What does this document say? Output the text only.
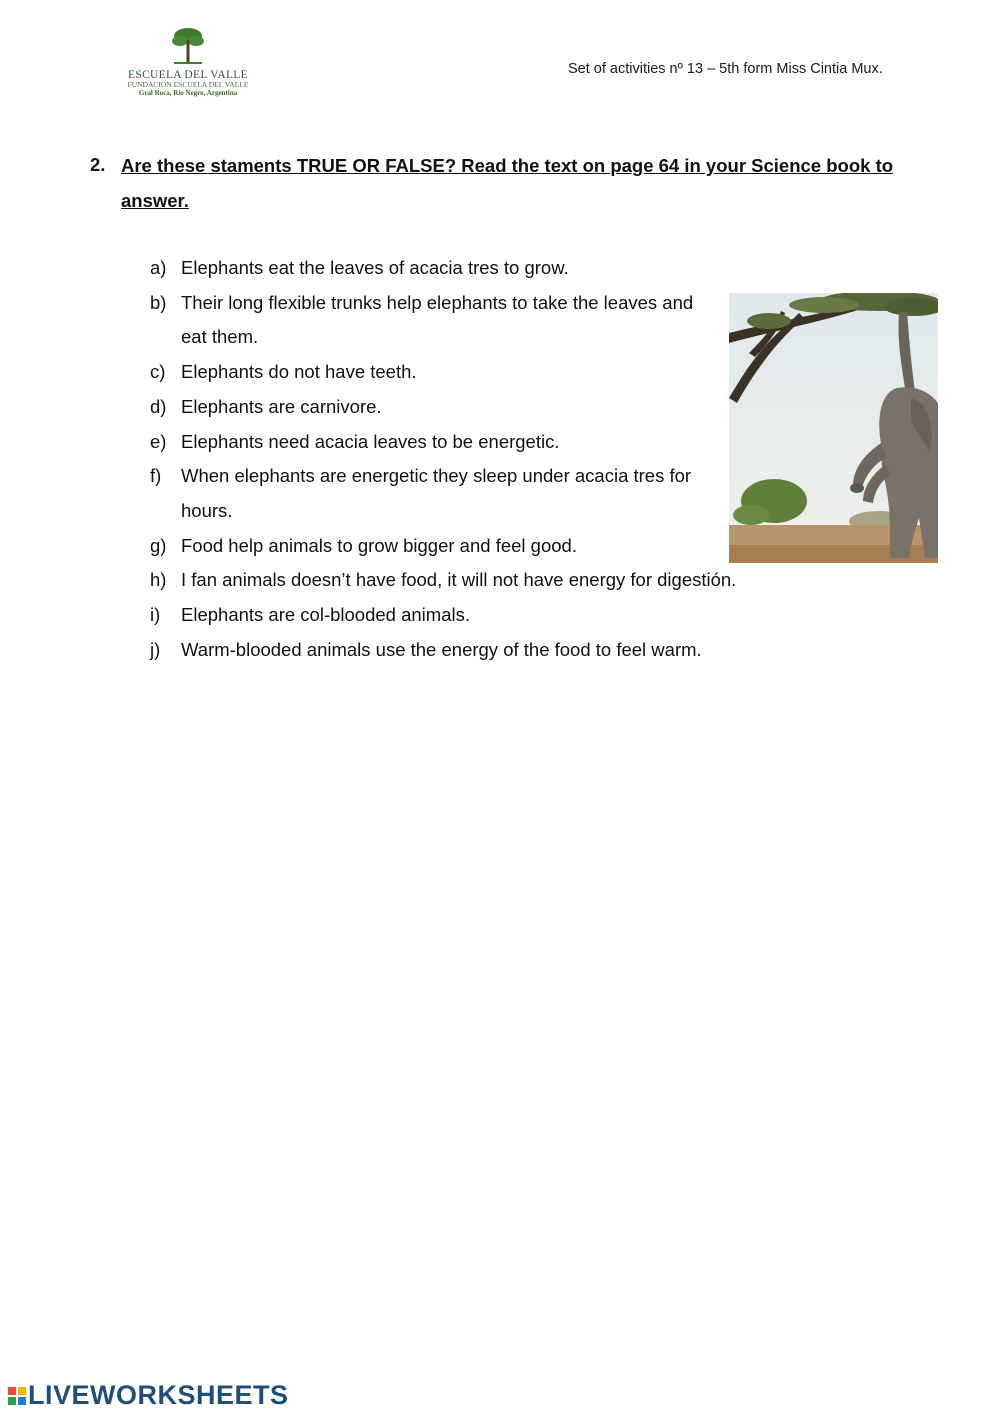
ESCUELA DEL VALLE
FUNDACION ESCUELA DEL VALLE
Gral Roca, Río Negro, Argentina
Set of activities nº 13 – 5th form Miss Cintia Mux.
2. Are these staments TRUE OR FALSE? Read the text on page 64 in your Science book to answer.
a) Elephants eat the leaves of acacia tres to grow.
b) Their long flexible trunks help elephants to take the leaves and eat them.
c) Elephants do not have teeth.
d) Elephants are carnivore.
e) Elephants need acacia leaves to be energetic.
f)	When elephants are energetic they sleep under acacia tres for hours.
g) Food help animals to grow bigger and feel good.
h) I fan animals doesn’t have food, it will not have energy for digestión.
i)	Elephants are col-blooded animals.
j)	Warm-blooded animals use the energy of the food to feel warm.
LIVEWORKSHEETS
